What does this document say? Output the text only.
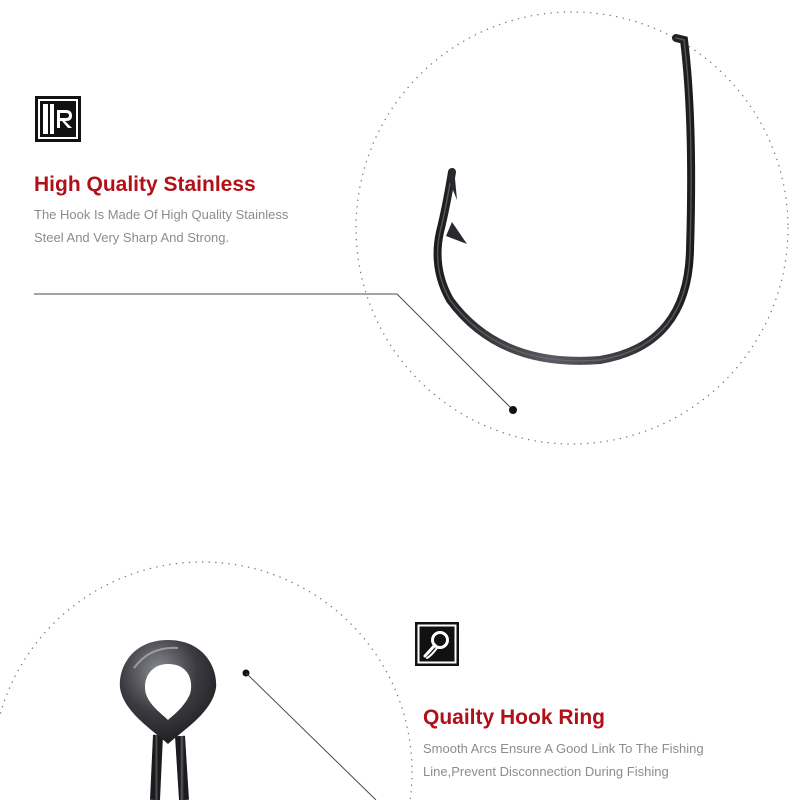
High Quality Stainless

The Hook Is Made Of High Quality Stainless
Steel And Very Sharp And Strong.

Quailty Hook Ring

Smooth Arcs Ensure A Good Link To The Fishing
Line,Prevent Disconnection During Fishing
